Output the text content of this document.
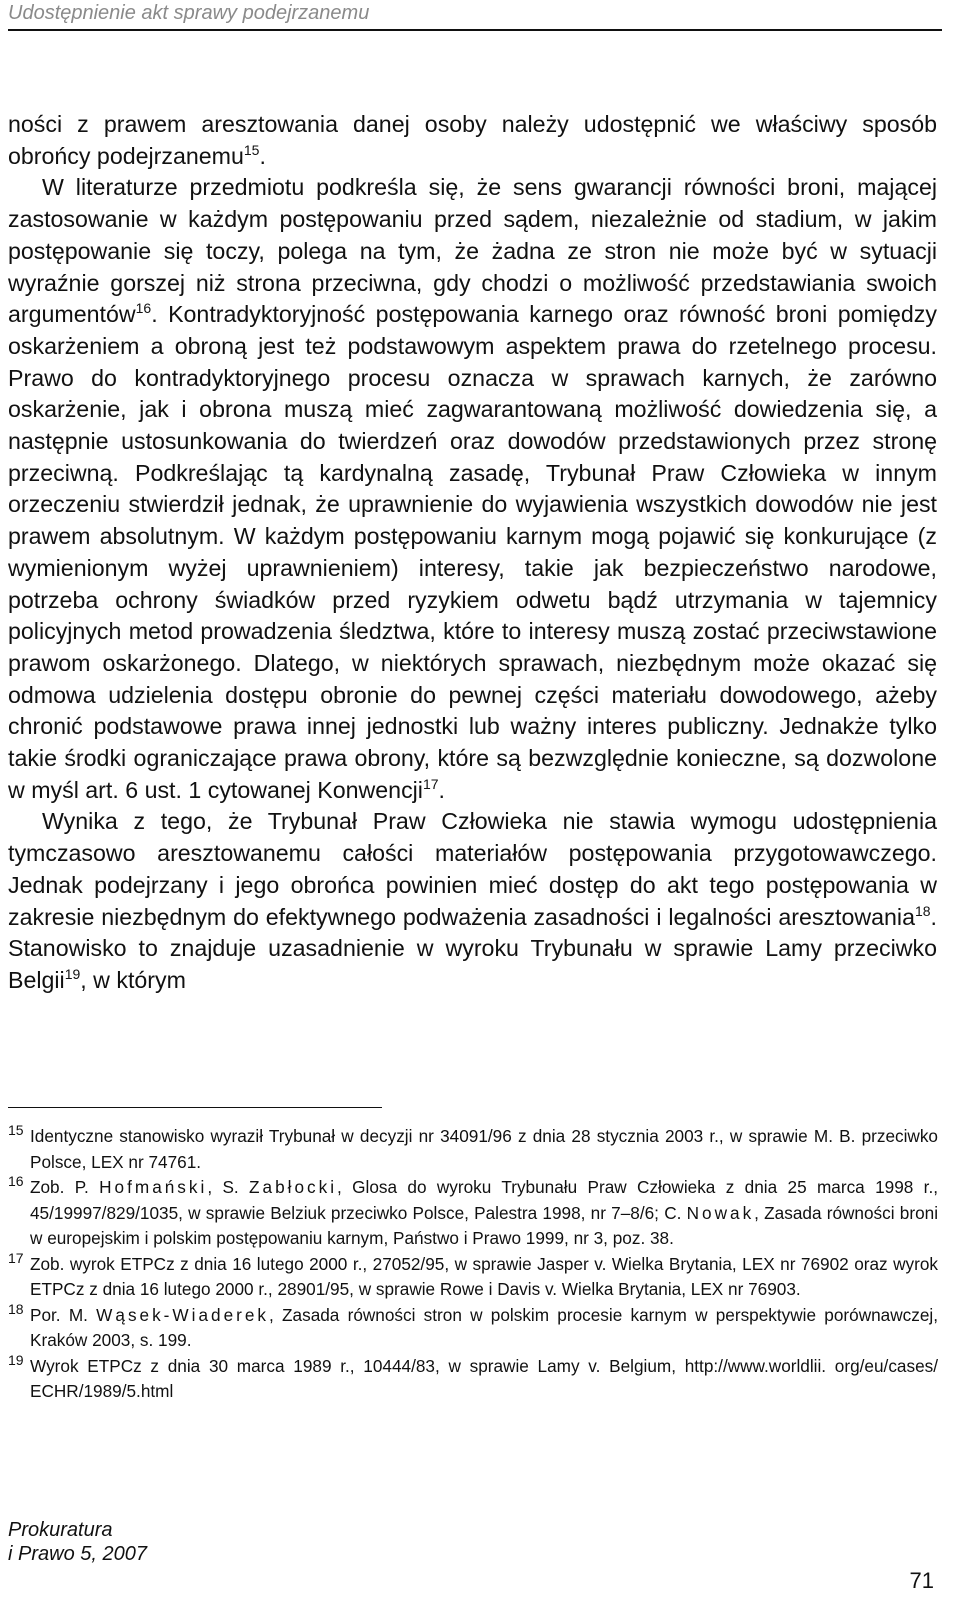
Udostępnienie akt sprawy podejrzanemu

ności z prawem aresztowania danej osoby należy udostępnić we właściwy sposób obrońcy podejrzanemu$^{15}$.

W literaturze przedmiotu podkreśla się, że sens gwarancji równości broni, mającej zastosowanie w każdym postępowaniu przed sądem, niezależnie od stadium, w jakim postępowanie się toczy, polega na tym, że żadna ze stron nie może być w sytuacji wyraźnie gorszej niż strona przeciwna, gdy chodzi o możliwość przedstawiania swoich argumentów$^{16}$. Kontradyktoryjność postępowania karnego oraz równość broni pomiędzy oskarżeniem a obroną jest też podstawowym aspektem prawa do rzetelnego procesu. Prawo do kontradyktoryjnego procesu oznacza w sprawach karnych, że zarówno oskarżenie, jak i obrona muszą mieć zagwarantowaną możliwość dowiedzenia się, a następnie ustosunkowania do twierdzeń oraz dowodów przedstawionych przez stronę przeciwną. Podkreślając tą kardynalną zasadę, Trybunał Praw Człowieka w innym orzeczeniu stwierdził jednak, że uprawnienie do wyjawienia wszystkich dowodów nie jest prawem absolutnym. W każdym postępowaniu karnym mogą pojawić się konkurujące (z wymienionym wyżej uprawnieniem) interesy, takie jak bezpieczeństwo narodowe, potrzeba ochrony świadków przed ryzykiem odwetu bądź utrzymania w tajemnicy policyjnych metod prowadzenia śledztwa, które to interesy muszą zostać przeciwstawione prawom oskarżonego. Dlatego, w niektórych sprawach, niezbędnym może okazać się odmowa udzielenia dostępu obronie do pewnej części materiału dowodowego, ażeby chronić podstawowe prawa innej jednostki lub ważny interes publiczny. Jednakże tylko takie środki ograniczające prawa obrony, które są bezwzględnie konieczne, są dozwolone w myśl art. 6 ust. 1 cytowanej Konwencji$^{17}$.

Wynika z tego, że Trybunał Praw Człowieka nie stawia wymogu udostępnienia tymczasowo aresztowanemu całości materiałów postępowania przygotowawczego. Jednak podejrzany i jego obrońca powinien mieć dostęp do akt tego postępowania w zakresie niezbędnym do efektywnego podważenia zasadności i legalności aresztowania$^{18}$. Stanowisko to znajduje uzasadnienie w wyroku Trybunału w sprawie Lamy przeciwko Belgii$^{19}$, w którym

15 Identyczne stanowisko wyraził Trybunał w decyzji nr 34091/96 z dnia 28 stycznia 2003 r., w sprawie M. B. przeciwko Polsce, LEX nr 74761.
16 Zob. P. Hofmański, S. Zabłocki, Glosa do wyroku Trybunału Praw Człowieka z dnia 25 marca 1998 r., 45/19997/829/1035, w sprawie Belziuk przeciwko Polsce, Palestra 1998, nr 7–8/6; C. Nowak, Zasada równości broni w europejskim i polskim postępowaniu karnym, Państwo i Prawo 1999, nr 3, poz. 38.
17 Zob. wyrok ETPCz z dnia 16 lutego 2000 r., 27052/95, w sprawie Jasper v. Wielka Brytania, LEX nr 76902 oraz wyrok ETPCz z dnia 16 lutego 2000 r., 28901/95, w sprawie Rowe i Davis v. Wielka Brytania, LEX nr 76903.
18 Por. M. Wąsek-Wiaderek, Zasada równości stron w polskim procesie karnym w perspektywie porównawczej, Kraków 2003, s. 199.
19 Wyrok ETPCz z dnia 30 marca 1989 r., 10444/83, w sprawie Lamy v. Belgium, http://www.worldlii. org/eu/cases/ ECHR/1989/5.html
Prokuratura
i Prawo 5, 2007
71
